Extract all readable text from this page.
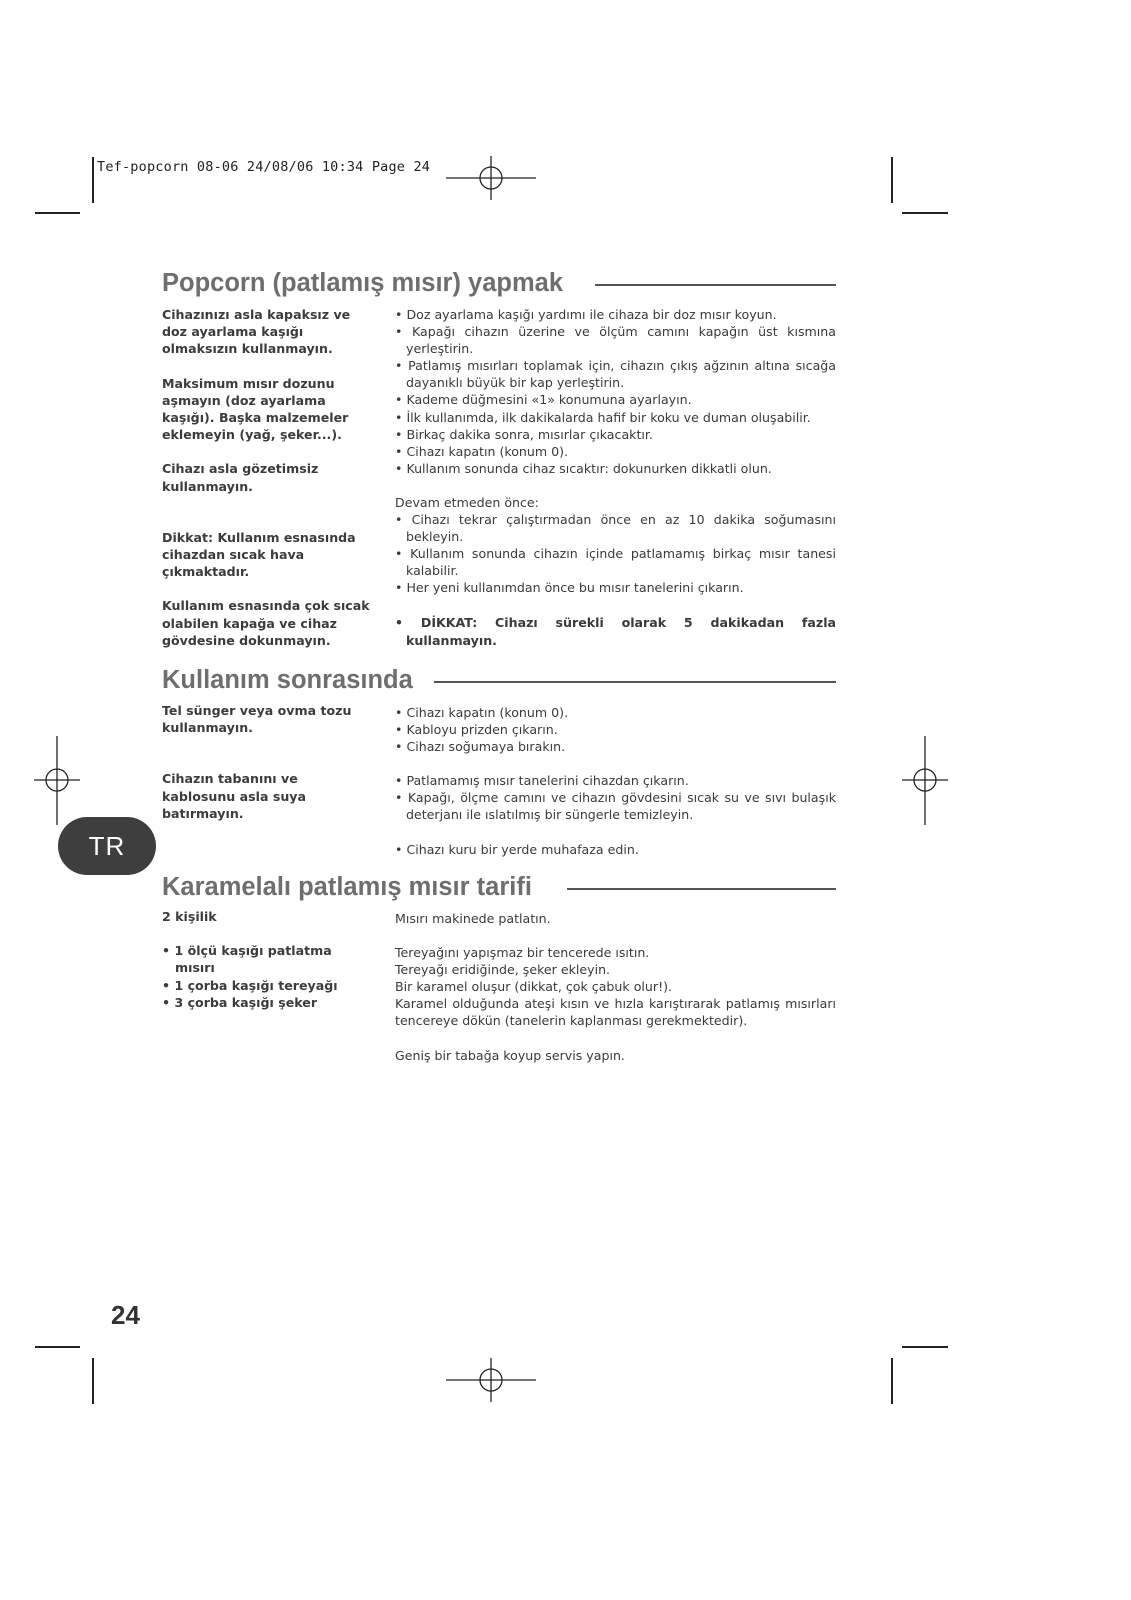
Tef-popcorn 08-06 24/08/06 10:34 Page 24
Popcorn (patlamış mısır) yapmak

Cihazınızı asla kapaksız ve doz ayarlama kaşığı olmaksızın kullanmayın.

Maksimum mısır dozunu aşmayın (doz ayarlama kaşığı). Başka malzemeler eklemeyin (yağ, şeker...).

Cihazı asla gözetimsiz kullanmayın.

Dikkat: Kullanım esnasında cihazdan sıcak hava çıkmaktadır.

Kullanım esnasında çok sıcak olabilen kapağa ve cihaz gövdesine dokunmayın.

• Doz ayarlama kaşığı yardımı ile cihaza bir doz mısır koyun.
• Kapağı cihazın üzerine ve ölçüm camını kapağın üst kısmına yerleştirin.
• Patlamış mısırları toplamak için, cihazın çıkış ağzının altına sıcağa dayanıklı büyük bir kap yerleştirin.
• Kademe düğmesini «1» konumuna ayarlayın.
• İlk kullanımda, ilk dakikalarda hafif bir koku ve duman oluşabilir.
• Birkaç dakika sonra, mısırlar çıkacaktır.
• Cihazı kapatın (konum 0).
• Kullanım sonunda cihaz sıcaktır: dokunurken dikkatli olun.

Devam etmeden önce:

• Cihazı tekrar çalıştırmadan önce en az 10 dakika soğumasını bekleyin.
• Kullanım sonunda cihazın içinde patlamamış birkaç mısır tanesi kalabilir.
• Her yeni kullanımdan önce bu mısır tanelerini çıkarın.
• DİKKAT: Cihazı sürekli olarak 5 dakikadan fazla kullanmayın.
Kullanım sonrasında

Tel sünger veya ovma tozu kullanmayın.

Cihazın tabanını ve kablosunu asla suya batırmayın.

• Cihazı kapatın (konum 0).
• Kabloyu prizden çıkarın.
• Cihazı soğumaya bırakın.
• Patlamamış mısır tanelerini cihazdan çıkarın.
• Kapağı, ölçme camını ve cihazın gövdesini sıcak su ve sıvı bulaşık deterjanı ile ıslatılmış bir süngerle temizleyin.
• Cihazı kuru bir yerde muhafaza edin.
TR
Karamelalı patlamış mısır tarifi

2 kişilik

• 1 ölçü kaşığı patlatma mısırı
• 1 çorba kaşığı tereyağı
• 3 çorba kaşığı şeker

Mısırı makinede patlatın.

Tereyağını yapışmaz bir tencerede ısıtın.

Tereyağı eridiğinde, şeker ekleyin.

Bir karamel oluşur (dikkat, çok çabuk olur!).

Karamel olduğunda ateşi kısın ve hızla karıştırarak patlamış mısırları tencereye dökün (tanelerin kaplanması gerekmektedir).

Geniş bir tabağa koyup servis yapın.

24
